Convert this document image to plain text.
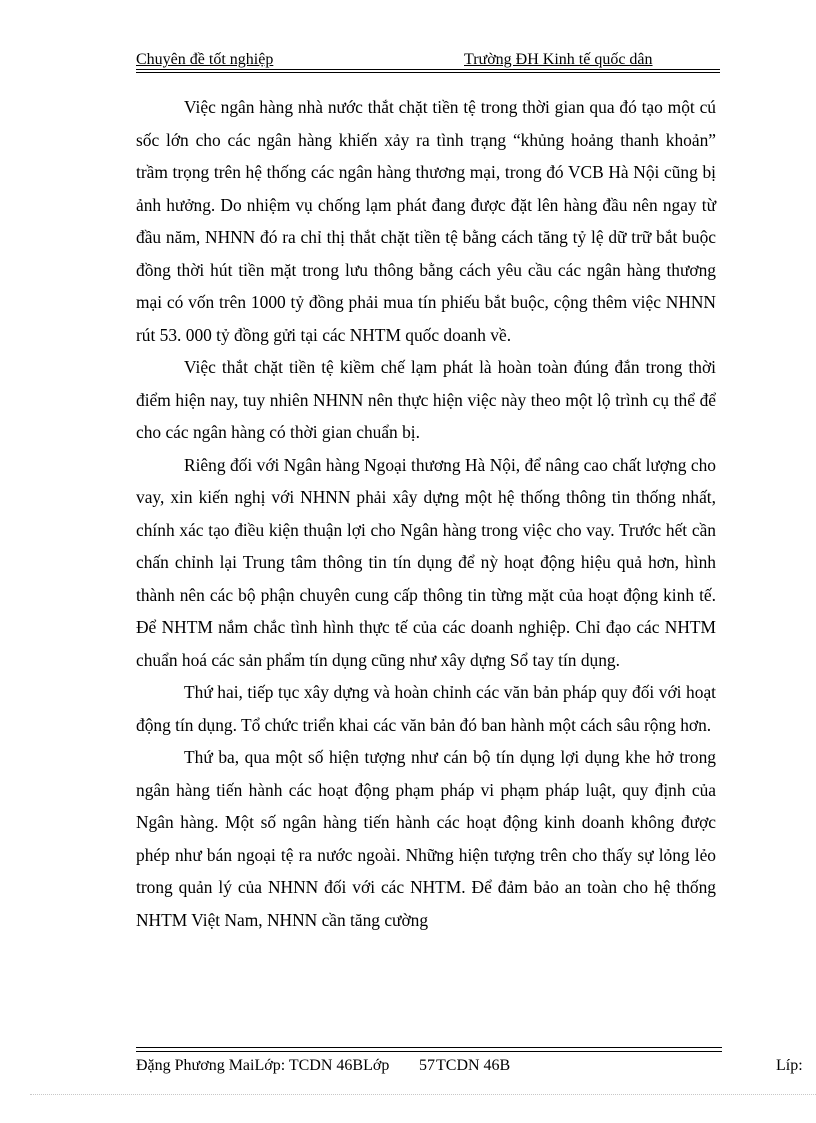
Chuyên đề tốt nghiệp	Trường ĐH Kinh tế quốc dân

Việc ngân hàng nhà nước thắt chặt tiền tệ trong thời gian qua đó tạo một cú sốc lớn cho các ngân hàng khiến xảy ra tình trạng “khủng hoảng thanh khoản” trầm trọng trên hệ thống các ngân hàng thương mại, trong đó VCB Hà Nội cũng bị ảnh hưởng. Do nhiệm vụ chống lạm phát đang được đặt lên hàng đầu nên ngay từ đầu năm, NHNN đó ra chỉ thị thắt chặt tiền tệ bằng cách tăng tỷ lệ dữ trữ bắt buộc đồng thời hút tiền mặt trong lưu thông bằng cách yêu cầu các ngân hàng thương mại có vốn trên 1000 tỷ đồng phải mua tín phiếu bắt buộc, cộng thêm việc NHNN rút 53. 000 tỷ đồng gửi tại các NHTM quốc doanh về.

Việc thắt chặt tiền tệ kiềm chế lạm phát là hoàn toàn đúng đắn trong thời điểm hiện nay, tuy nhiên NHNN nên thực hiện việc này theo một lộ trình cụ thể để cho các ngân hàng có thời gian chuẩn bị.

Riêng đối với Ngân hàng Ngoại thương Hà Nội, để nâng cao chất lượng cho vay, xin kiến nghị với NHNN phải xây dựng một hệ thống thông tin thống nhất, chính xác tạo điều kiện thuận lợi cho Ngân hàng trong việc cho vay. Trước hết cần chấn chỉnh lại Trung tâm thông tin tín dụng để nỳ hoạt động hiệu quả hơn, hình thành nên các bộ phận chuyên cung cấp thông tin từng mặt của hoạt động kinh tế. Để NHTM nắm chắc tình hình thực tế của các doanh nghiệp. Chỉ đạo các NHTM chuẩn hoá các sản phẩm tín dụng cũng như xây dựng Sổ tay tín dụng.

Thứ hai, tiếp tục xây dựng và hoàn chỉnh các văn bản pháp quy đối với hoạt động tín dụng. Tổ chức triển khai các văn bản đó ban hành một cách sâu rộng hơn.

Thứ ba, qua một số hiện tượng như cán bộ tín dụng lợi dụng khe hở trong ngân hàng tiến hành các hoạt động phạm pháp vi phạm pháp luật, quy định của Ngân hàng. Một số ngân hàng tiến hành các hoạt động kinh doanh không được phép như bán ngoại tệ ra nước ngoài. Những hiện tượng trên cho thấy sự lỏng lẻo trong quản lý của NHNN đối với các NHTM. Để đảm bảo an toàn cho hệ thống NHTM Việt Nam, NHNN cần tăng cường

Đặng Phương MaiLớp: TCDN 46BLớp 57 TCDN 46B	Líp:
